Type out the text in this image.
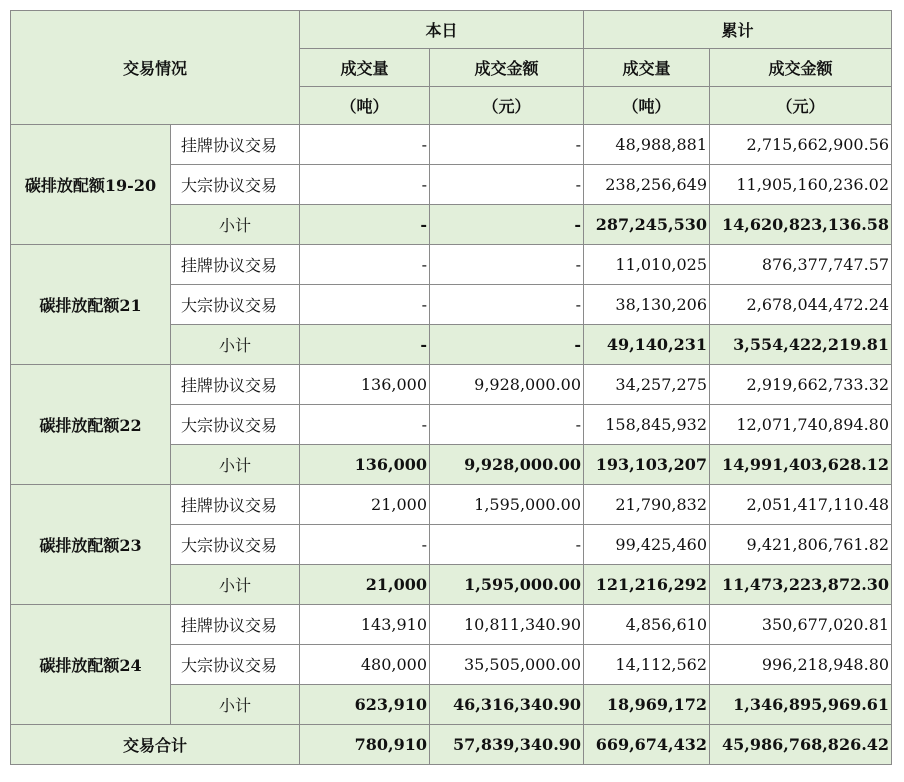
交易情况		本日		累计	
		成交量	成交金额	成交量	成交金额
		（吨）	（元）	（吨）	（元）
碳排放配额19-20	挂牌协议交易	-	-	48,988,881	2,715,662,900.56
	大宗协议交易	-	-	238,256,649	11,905,160,236.02
	小计	-	-	287,245,530	14,620,823,136.58
碳排放配额21	挂牌协议交易	-	-	11,010,025	876,377,747.57
	大宗协议交易	-	-	38,130,206	2,678,044,472.24
	小计	-	-	49,140,231	3,554,422,219.81
碳排放配额22	挂牌协议交易	136,000	9,928,000.00	34,257,275	2,919,662,733.32
	大宗协议交易	-	-	158,845,932	12,071,740,894.80
	小计	136,000	9,928,000.00	193,103,207	14,991,403,628.12
碳排放配额23	挂牌协议交易	21,000	1,595,000.00	21,790,832	2,051,417,110.48
	大宗协议交易	-	-	99,425,460	9,421,806,761.82
	小计	21,000	1,595,000.00	121,216,292	11,473,223,872.30
碳排放配额24	挂牌协议交易	143,910	10,811,340.90	4,856,610	350,677,020.81
	大宗协议交易	480,000	35,505,000.00	14,112,562	996,218,948.80
	小计	623,910	46,316,340.90	18,969,172	1,346,895,969.61
交易合计		780,910	57,839,340.90	669,674,432	45,986,768,826.42
